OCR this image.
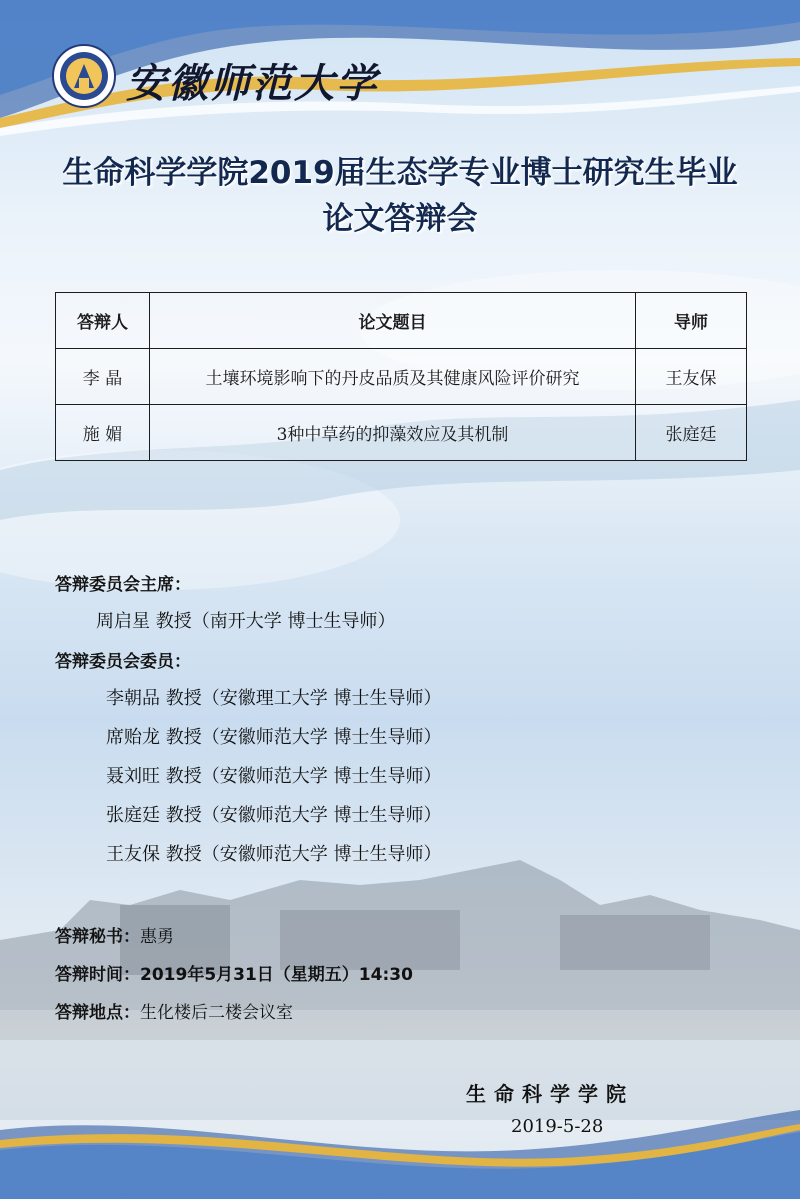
安徽师范大学
生命科学学院2019届生态学专业博士研究生毕业
论文答辩会
答辩人	论文题目	导师
李 晶	土壤环境影响下的丹皮品质及其健康风险评价研究	王友保
施 媚	3种中草药的抑藻效应及其机制	张庭廷
答辩委员会主席：
周启星 教授（南开大学 博士生导师）
答辩委员会委员：
李朝品 教授（安徽理工大学 博士生导师）
席贻龙 教授（安徽师范大学 博士生导师）
聂刘旺 教授（安徽师范大学 博士生导师）
张庭廷 教授（安徽师范大学 博士生导师）
王友保 教授（安徽师范大学 博士生导师）
答辩秘书：惠勇
答辩时间：2019年5月31日（星期五）14:30
答辩地点：生化楼后二楼会议室
生命科学学院
2019-5-28
